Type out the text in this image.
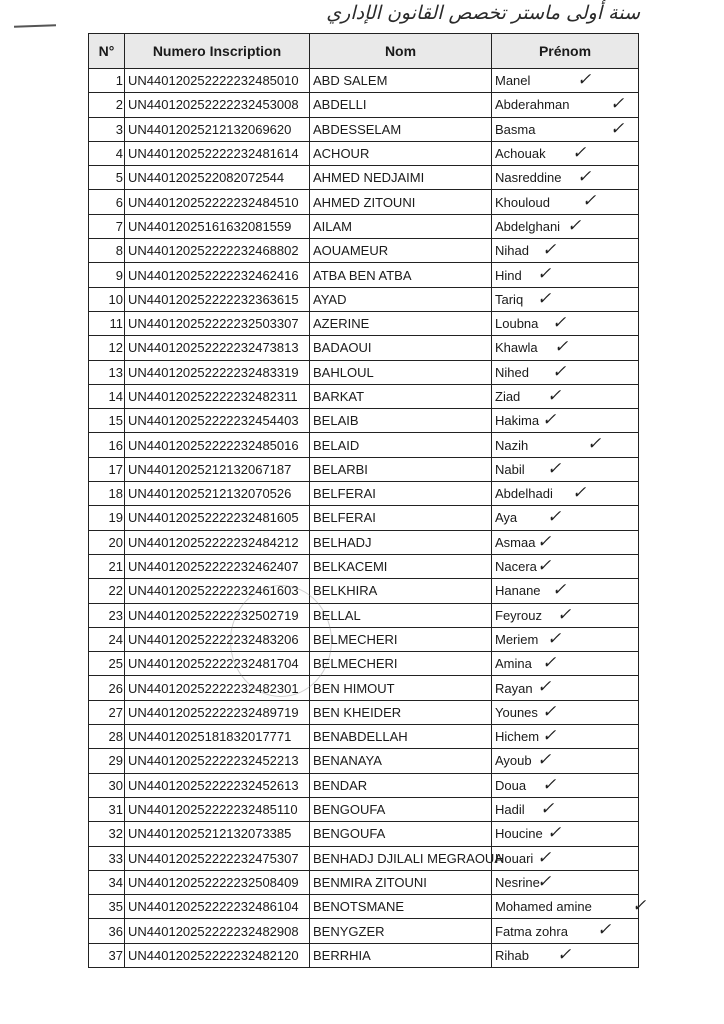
سنة أولى ماستر تخصص القانون الإداري
N°	Numero Inscription	Nom	Prénom
1	UN440120252222232485010	ABD SALEM	Manel ✓

2	UN440120252222232453008	ABDELLI	Abderahman ✓

3	UN44012025212132069620	ABDESSELAM	Basma ✓

4	UN440120252222232481614	ACHOUR	Achouak ✓

5	UN4401202522082072544	AHMED NEDJAIMI	Nasreddine ✓

6	UN440120252222232484510	AHMED ZITOUNI	Khouloud ✓

7	UN44012025161632081559	AILAM	Abdelghani ✓

8	UN440120252222232468802	AOUAMEUR	Nihad ✓

9	UN440120252222232462416	ATBA BEN ATBA	Hind ✓

10	UN440120252222232363615	AYAD	Tariq ✓

11	UN440120252222232503307	AZERINE	Loubna ✓

12	UN440120252222232473813	BADAOUI	Khawla ✓

13	UN440120252222232483319	BAHLOUL	Nihed ✓

14	UN440120252222232482311	BARKAT	Ziad ✓

15	UN440120252222232454403	BELAIB	Hakima ✓

16	UN440120252222232485016	BELAID	Nazih ✓

17	UN44012025212132067187	BELARBI	Nabil ✓

18	UN44012025212132070526	BELFERAI	Abdelhadi ✓

19	UN440120252222232481605	BELFERAI	Aya ✓

20	UN440120252222232484212	BELHADJ	Asmaa ✓

21	UN440120252222232462407	BELKACEMI	Nacera ✓

22	UN440120252222232461603	BELKHIRA	Hanane ✓

23	UN440120252222232502719	BELLAL	Feyrouz ✓

24	UN440120252222232483206	BELMECHERI	Meriem ✓

25	UN440120252222232481704	BELMECHERI	Amina ✓

26	UN440120252222232482301	BEN HIMOUT	Rayan ✓

27	UN440120252222232489719	BEN KHEIDER	Younes ✓

28	UN44012025181832017771	BENABDELLAH	Hichem ✓

29	UN440120252222232452213	BENANAYA	Ayoub ✓

30	UN440120252222232452613	BENDAR	Doua ✓

31	UN440120252222232485110	BENGOUFA	Hadil ✓

32	UN44012025212132073385	BENGOUFA	Houcine ✓

33	UN440120252222232475307	BENHADJ DJILALI MEGRAOUA	Houari ✓

34	UN440120252222232508409	BENMIRA ZITOUNI	Nesrine
✓

35	UN440120252222232486104	BENOTSMANE	Mohamed amine ✓

36	UN440120252222232482908	BENYGZER	Fatma zohra ✓

37	UN440120252222232482120	BERRHIA	Rihab ✓
